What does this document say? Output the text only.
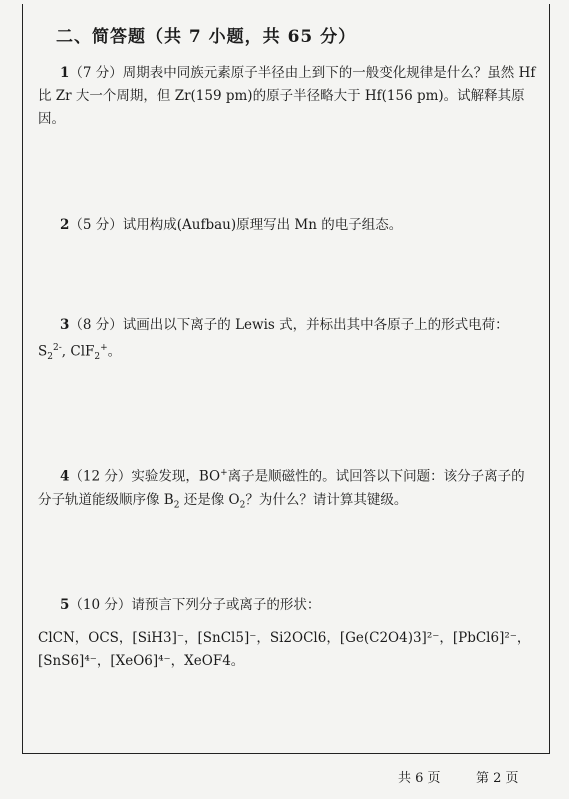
二、简答题（共 7 小题，共 65 分）
1（7 分）周期表中同族元素原子半径由上到下的一般变化规律是什么？虽然 Hf 比 Zr 大一个周期，但 Zr(159 pm)的原子半径略大于 Hf(156 pm)。试解释其原因。
2（5 分）试用构成(Aufbau)原理写出 Mn 的电子组态。
3（8 分）试画出以下离子的 Lewis 式，并标出其中各原子上的形式电荷：
$S_2^{2-}$, ClF$_2$+。
4（12 分）实验发现，BO+离子是顺磁性的。试回答以下问题：该分子离子的分子轨道能级顺序像 $B_2$ 还是像 $O_2$？为什么？请计算其键级。
5（10 分）请预言下列分子或离子的形状：
ClCN，OCS，[SiH3]⁻，[SnCl5]⁻，Si2OCl6，[Ge(C2O4)3]²⁻，[PbCl6]²⁻，[SnS6]⁴⁻，[XeO6]⁴⁻，XeOF4。
共 6 页	第 2 页
